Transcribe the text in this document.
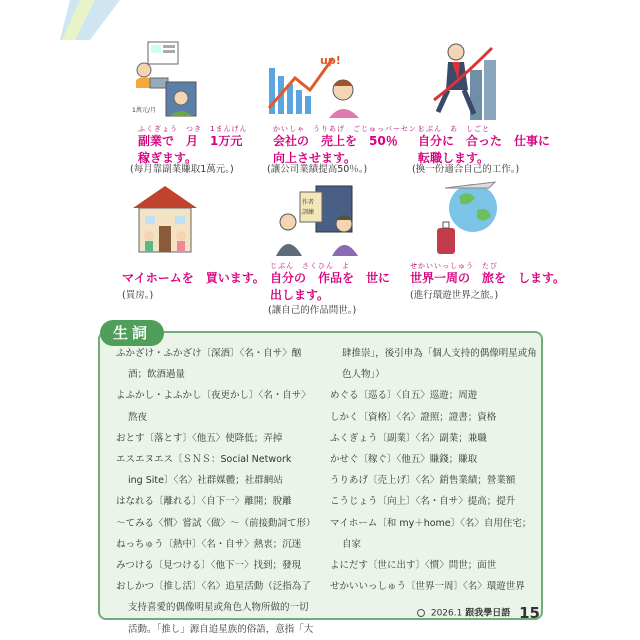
1萬元/月
up!
作者
訓練
ふくぎょう　つき　1まんげん
副業で　月　1万元
稼ぎます。
(每月靠副業賺取1萬元。)
かいしゃ　うりあげ　ごじゅっパーセント
会社の　売上を　50％
向上させます。
(讓公司業績提高50％。)
じぶん　あ　しごと
自分に　合った　仕事に
転職します。
(換一份適合自己的工作。)
マイホームを　買います。
(買房。)
じぶん　さくひん　よ
自分の　作品を　世に
出します。
(讓自己的作品問世。)
せかいいっしゅう　たび
世界一周の　旅を　します。
(進行環遊世界之旅。)
生詞
ふかざけ・ふかざけ〔深酒〕〈名・自サ〉酗
酒；飲酒過量
よふかし・よふかし〔夜更かし〕〈名・自サ〉
熬夜
おとす〔落とす〕〈他五〉使降低；弄掉
エスエヌエス〔ＳＮＳ：Social Network
ing Site〕〈名〉社群媒體；社群網站
はなれる〔離れる〕〈自下一〉離開；脫離
～てみる〈慣〉嘗試〈做〉～（前接動詞て形）
ねっちゅう〔熱中〕〈名・自サ〉熱衷；沉迷
みつける〔見つける〕〈他下一〉找到；發現
おしかつ〔推し活〕〈名〉追星活動（泛指為了
支持喜愛的偶像明星或角色人物所做的一切
活動。「推し」源自追星族的俗語，意指「大
肆推崇」，後引申為「個人支持的偶像明星或角
色人物」）
めぐる〔巡る〕〈自五〉巡遊；周遊
しかく〔資格〕〈名〉證照；證書；資格
ふくぎょう〔副業〕〈名〉副業；兼職
かせぐ〔稼ぐ〕〈他五〉賺錢；賺取
うりあげ〔売上げ〕〈名〉銷售業績；營業額
こうじょう〔向上〕〈名・自サ〉提高；提升
マイホーム〔和 my＋home〕〈名〉自用住宅；
自家
よにだす〔世に出す〕〈慣〉問世；面世
せかいいっしゅう〔世界一周〕〈名〉環遊世界
2026.1 跟我學日語 15
